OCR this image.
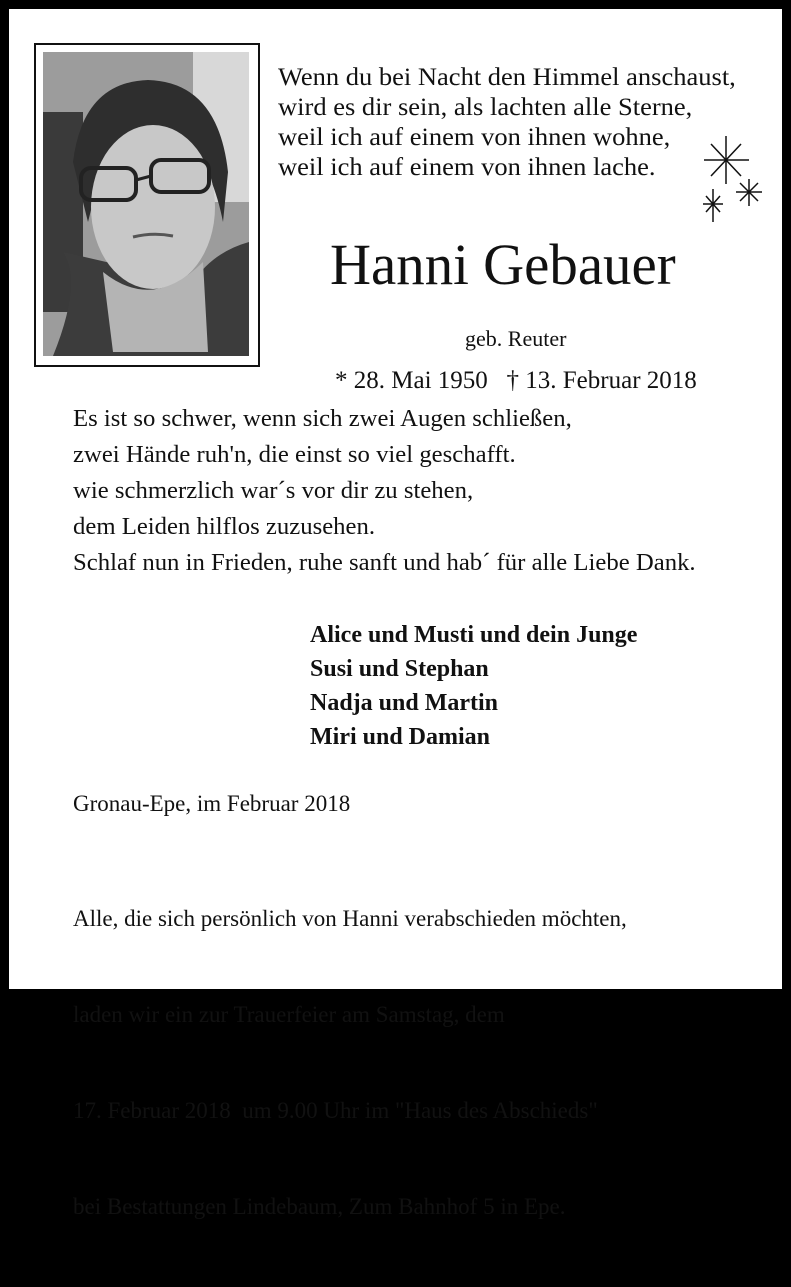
Wenn du bei Nacht den Himmel anschaust,
wird es dir sein, als lachten alle Sterne,
weil ich auf einem von ihnen wohne,
weil ich auf einem von ihnen lache.
Hanni Gebauer
geb. Reuter
* 28. Mai 1950   † 13. Februar 2018
Es ist so schwer, wenn sich zwei Augen schließen,
zwei Hände ruh'n, die einst so viel geschafft.
wie schmerzlich war´s vor dir zu stehen,
dem Leiden hilflos zuzusehen.
Schlaf nun in Frieden, ruhe sanft und hab´ für alle Liebe Dank.
Alice und Musti und dein Junge
Susi und Stephan
Nadja und Martin
Miri und Damian
Gronau-Epe, im Februar 2018

Alle, die sich persönlich von Hanni verabschieden möchten,

laden wir ein zur Trauerfeier am Samstag, dem

17. Februar 2018  um 9.00 Uhr im "Haus des Abschieds"

bei Bestattungen Lindebaum, Zum Bahnhof 5 in Epe.
